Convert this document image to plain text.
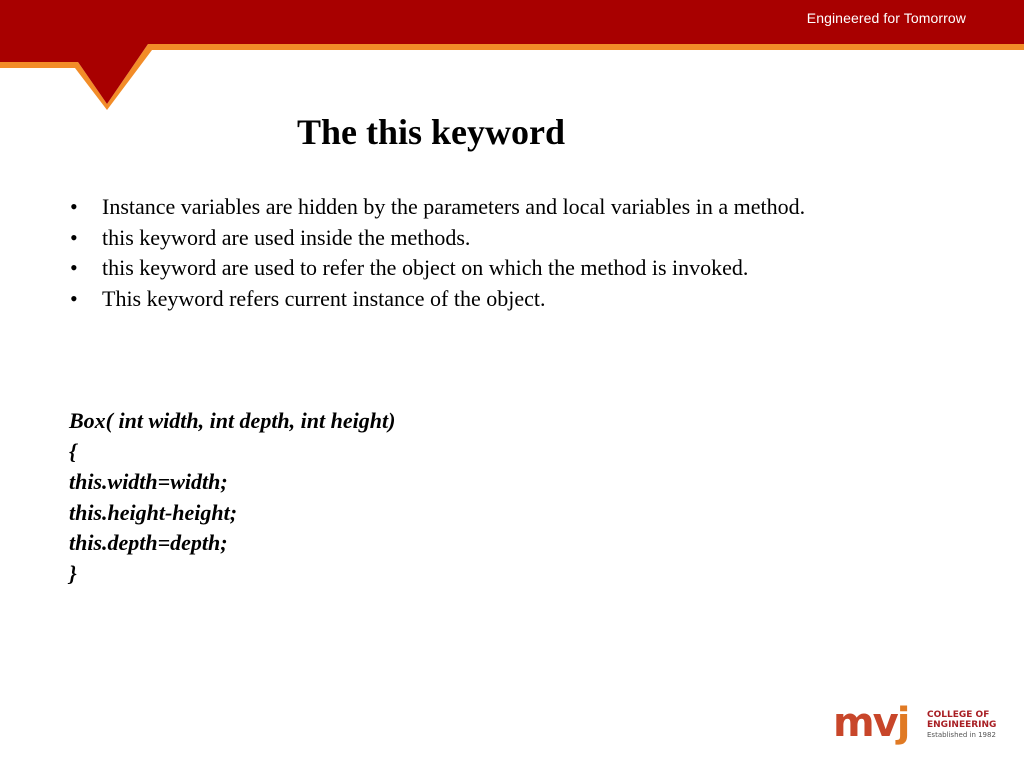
Engineered for Tomorrow
The this keyword
• Instance variables are hidden by the parameters and local variables in a method.
• this keyword are used inside the methods.
• this keyword are used to refer the object on which the method is invoked.
• This keyword refers current instance of the object.
Box( int width, int depth, int height)
{
this.width=width;
this.height-height;
this.depth=depth;
}
mvj COLLEGE OF
ENGINEERING
Established in 1982
